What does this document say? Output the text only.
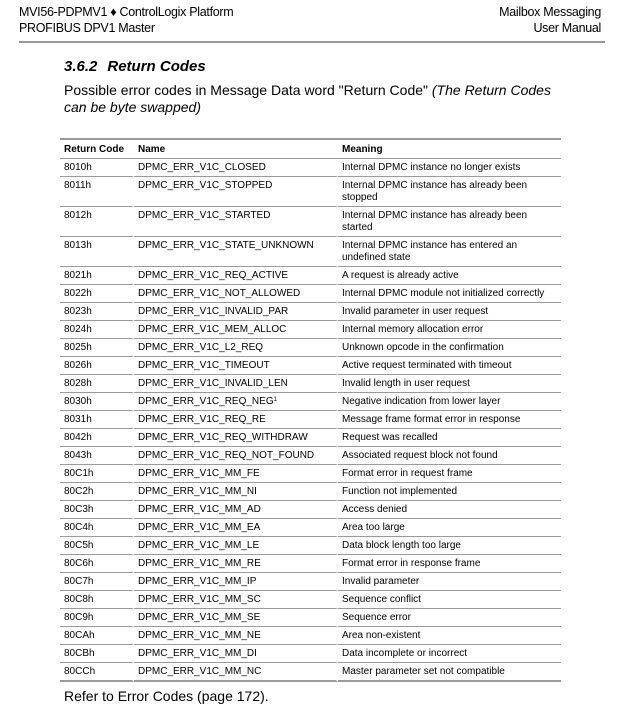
MVI56-PDPMV1 ♦ ControlLogix Platform
PROFIBUS DPV1 Master
Mailbox Messaging
User Manual
3.6.2 Return Codes
Possible error codes in Message Data word "Return Code" (The Return Codes can be byte swapped)
Return Code	Name	Meaning
8010h	DPMC_ERR_V1C_CLOSED	Internal DPMC instance no longer exists
8011h	DPMC_ERR_V1C_STOPPED	Internal DPMC instance has already been stopped
8012h	DPMC_ERR_V1C_STARTED	Internal DPMC instance has already been started
8013h	DPMC_ERR_V1C_STATE_UNKNOWN	Internal DPMC instance has entered an undefined state
8021h	DPMC_ERR_V1C_REQ_ACTIVE	A request is already active
8022h	DPMC_ERR_V1C_NOT_ALLOWED	Internal DPMC module not initialized correctly
8023h	DPMC_ERR_V1C_INVALID_PAR	Invalid parameter in user request
8024h	DPMC_ERR_V1C_MEM_ALLOC	Internal memory allocation error
8025h	DPMC_ERR_V1C_L2_REQ	Unknown opcode in the confirmation
8026h	DPMC_ERR_V1C_TIMEOUT	Active request terminated with timeout
8028h	DPMC_ERR_V1C_INVALID_LEN	Invalid length in user request
8030h	DPMC_ERR_V1C_REQ_NEG$^1$	Negative indication from lower layer
8031h	DPMC_ERR_V1C_REQ_RE	Message frame format error in response
8042h	DPMC_ERR_V1C_REQ_WITHDRAW	Request was recalled
8043h	DPMC_ERR_V1C_REQ_NOT_FOUND	Associated request block not found
80C1h	DPMC_ERR_V1C_MM_FE	Format error in request frame
80C2h	DPMC_ERR_V1C_MM_NI	Function not implemented
80C3h	DPMC_ERR_V1C_MM_AD	Access denied
80C4h	DPMC_ERR_V1C_MM_EA	Area too large
80C5h	DPMC_ERR_V1C_MM_LE	Data block length too large
80C6h	DPMC_ERR_V1C_MM_RE	Format error in response frame
80C7h	DPMC_ERR_V1C_MM_IP	Invalid parameter
80C8h	DPMC_ERR_V1C_MM_SC	Sequence conflict
80C9h	DPMC_ERR_V1C_MM_SE	Sequence error
80CAh	DPMC_ERR_V1C_MM_NE	Area non-existent
80CBh	DPMC_ERR_V1C_MM_DI	Data incomplete or incorrect
80CCh	DPMC_ERR_V1C_MM_NC	Master parameter set not compatible
Refer to Error Codes (page 172).
